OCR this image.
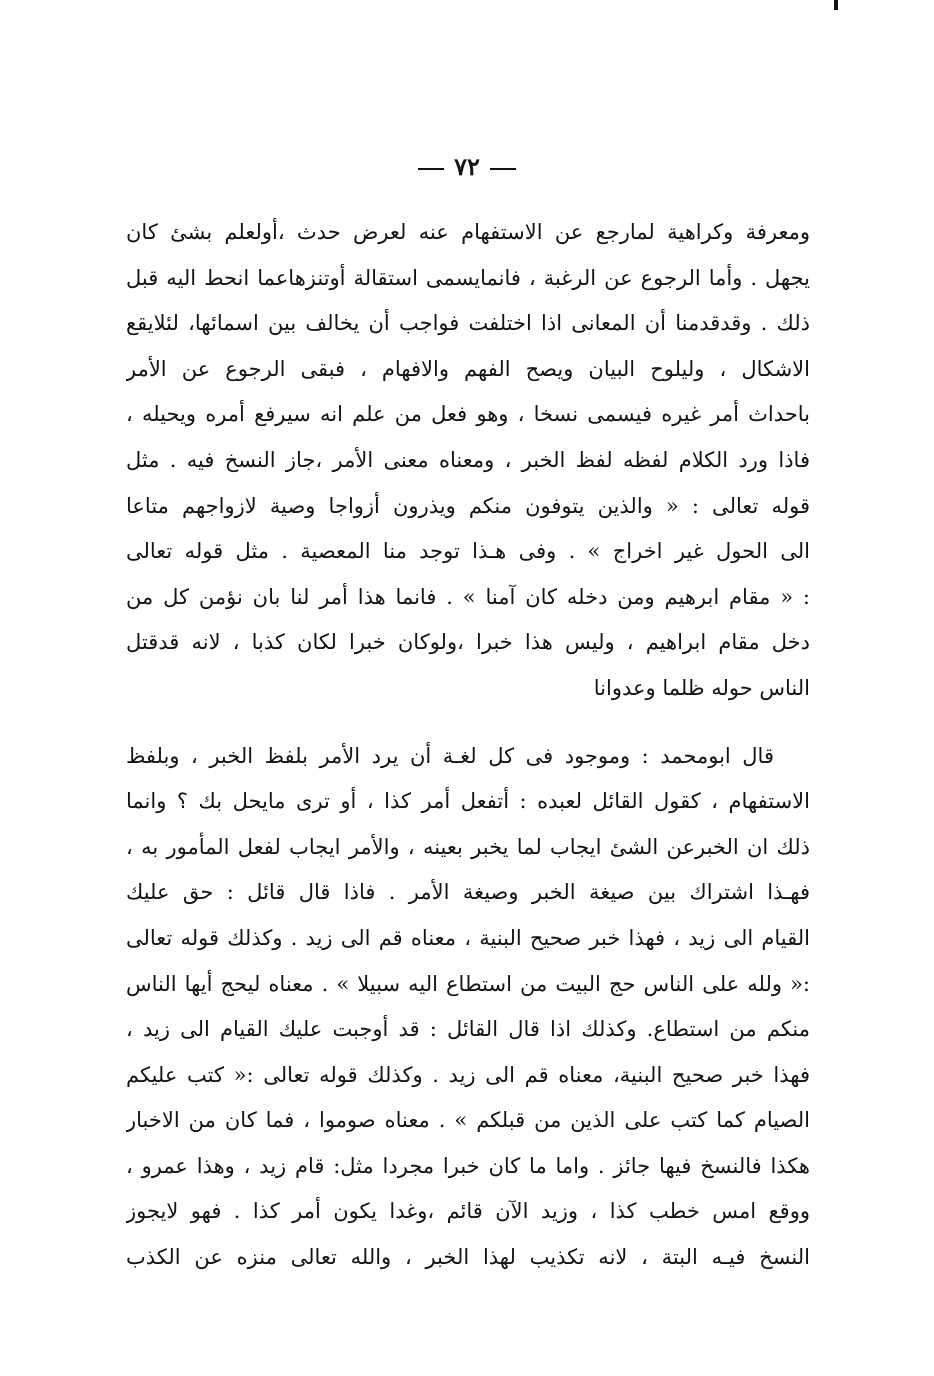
٧٢
ومعرفة وكراهية لمارجع عن الاستفهام عنه لعرض حدث ،أولعلم بشئ كان
يجهل . وأما الرجوع عن الرغبة ، فانمايسمى استقالة أوتنزهاعما انحط اليه قبل
ذلك . وقدقدمنا أن المعانى اذا اختلفت فواجب أن يخالف بين اسمائها، لئلايقع
الاشكال ، وليلوح البيان ويصح الفهم والافهام ، فبقى الرجوع عن الأمر
باحداث أمر غيره فيسمى نسخا ، وهو فعل من علم انه سيرفع أمره ويحيله ،
فاذا ورد الكلام لفظه لفظ الخبر ، ومعناه معنى الأمر ،جاز النسخ فيه . مثل
قوله تعالى : « والذين يتوفون منكم ويذرون أزواجا وصية لازواجهم متاعا
الى الحول غير اخراج » . وفى هـذا توجد منا المعصية . مثل قوله تعالى
: « مقام ابرهيم ومن دخله كان آمنا » . فانما هذا أمر لنا بان نؤمن كل من
دخل مقام ابراهيم ، وليس هذا خبرا ،ولوكان خبرا لكان كذبا ، لانه قدقتل
الناس حوله ظلما وعدوانا
قال ابومحمد : وموجود فى كل لغـة أن يرد الأمر بلفظ الخبر ، وبلفظ
الاستفهام ، كقول القائل لعبده : أتفعل أمر كذا ، أو ترى مايحل بك ؟ وانما
ذلك ان الخبرعن الشئ ايجاب لما يخبر بعينه ، والأمر ايجاب لفعل المأمور به ،
فهـذا اشتراك بين صيغة الخبر وصيغة الأمر . فاذا قال قائل : حق عليك
القيام الى زيد ، فهذا خبر صحيح البنية ، معناه قم الى زيد . وكذلك قوله تعالى
:« ولله على الناس حج البيت من استطاع اليه سبيلا » . معناه ليحج أيها الناس
منكم من استطاع. وكذلك اذا قال القائل : قد أوجبت عليك القيام الى زيد ،
فهذا خبر صحيح البنية، معناه قم الى زيد . وكذلك قوله تعالى :« كتب عليكم
الصيام كما كتب على الذين من قبلكم » . معناه صوموا ، فما كان من الاخبار
هكذا فالنسخ فيها جائز . واما ما كان خبرا مجردا مثل: قام زيد ، وهذا عمرو ،
ووقع امس خطب كذا ، وزيد الآن قائم ،وغدا يكون أمر كذا . فهو لايجوز
النسخ فيـه البتة ، لانه تكذيب لهذا الخبر ، والله تعالى منزه عن الكذب
